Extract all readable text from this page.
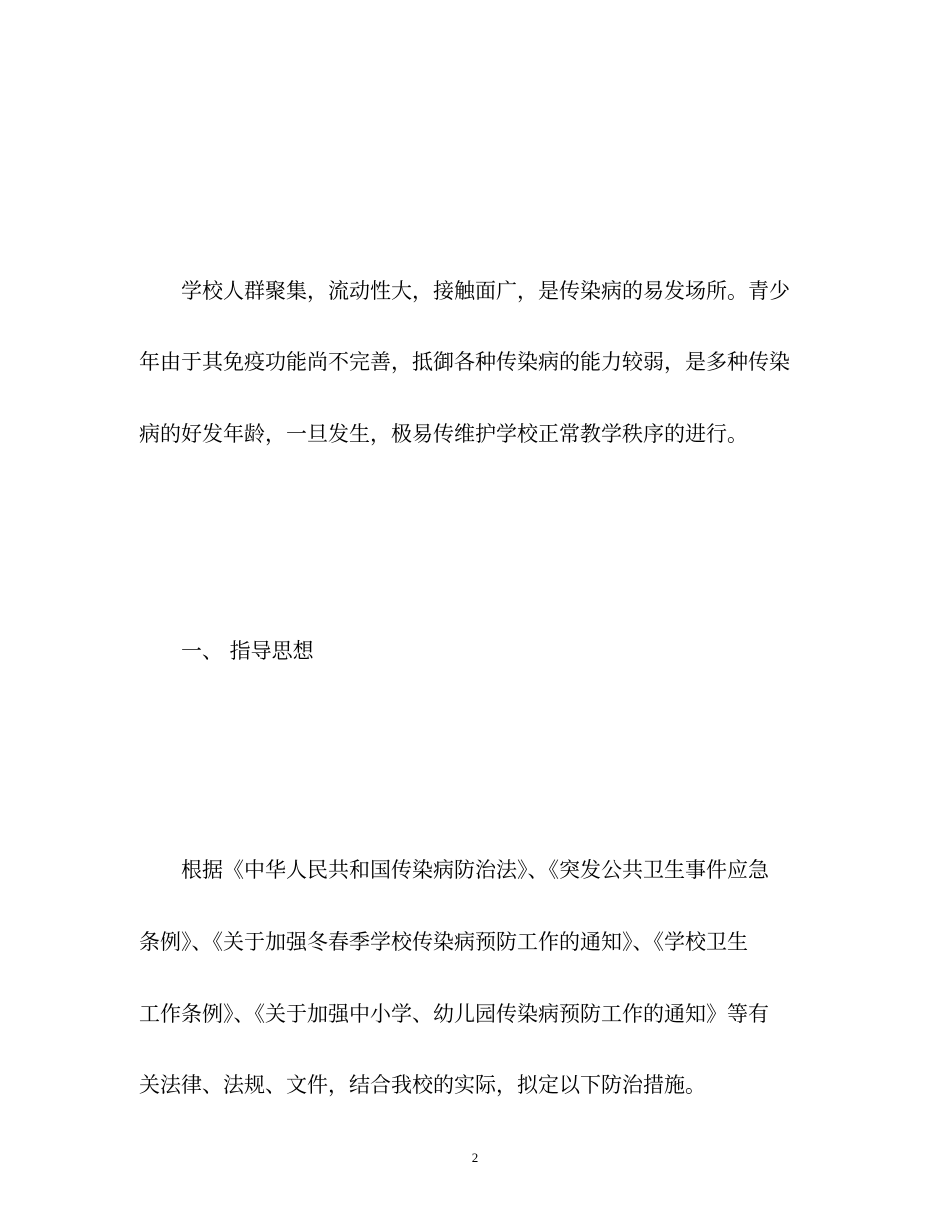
　　学校人群聚集，流动性大，接触面广，是传染病的易发场所。青少
年由于其免疫功能尚不完善，抵御各种传染病的能力较弱，是多种传染
病的好发年龄，一旦发生，极易传维护学校正常教学秩序的进行。
一、 指导思想
　　根据《中华人民共和国传染病防治法》、《突发公共卫生事件应急
条例》、《关于加强冬春季学校传染病预防工作的通知》、《学校卫生
工作条例》、《关于加强中小学、幼儿园传染病预防工作的通知》等有
关法律、法规、文件，结合我校的实际，拟定以下防治措施。
2
